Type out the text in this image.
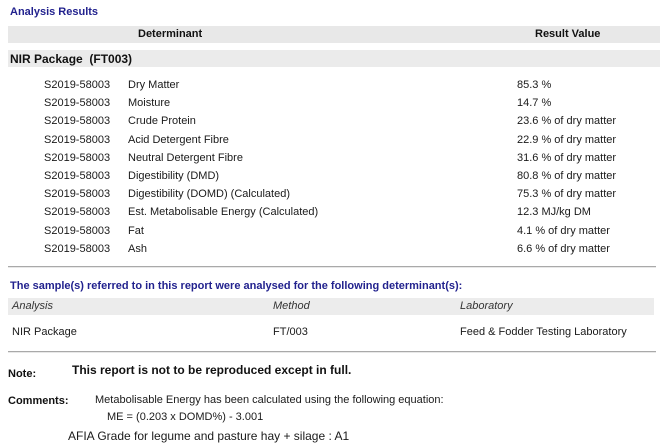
Analysis Results
Determinant	Result Value
NIR Package  (FT003)
S2019-58003 Dry Matter	85.3 %
S2019-58003 Moisture	14.7 %
S2019-58003 Crude Protein	23.6 % of dry matter
S2019-58003 Acid Detergent Fibre	22.9 % of dry matter
S2019-58003 Neutral Detergent Fibre	31.6 % of dry matter
S2019-58003 Digestibility (DMD)	80.8 % of dry matter
S2019-58003 Digestibility (DOMD) (Calculated)	75.3 % of dry matter
S2019-58003 Est. Metabolisable Energy (Calculated)	12.3 MJ/kg DM
S2019-58003 Fat	4.1 % of dry matter
S2019-58003 Ash	6.6 % of dry matter
The sample(s) referred to in this report were analysed for the following determinant(s):
Analysis	Method	Laboratory
NIR Package	FT/003	Feed & Fodder Testing Laboratory
Note:	This report is not to be reproduced except in full.
Comments: Metabolisable Energy has been calculated using the following equation:
ME = (0.203 x DOMD%) - 3.001
AFIA Grade for legume and pasture hay + silage : A1
